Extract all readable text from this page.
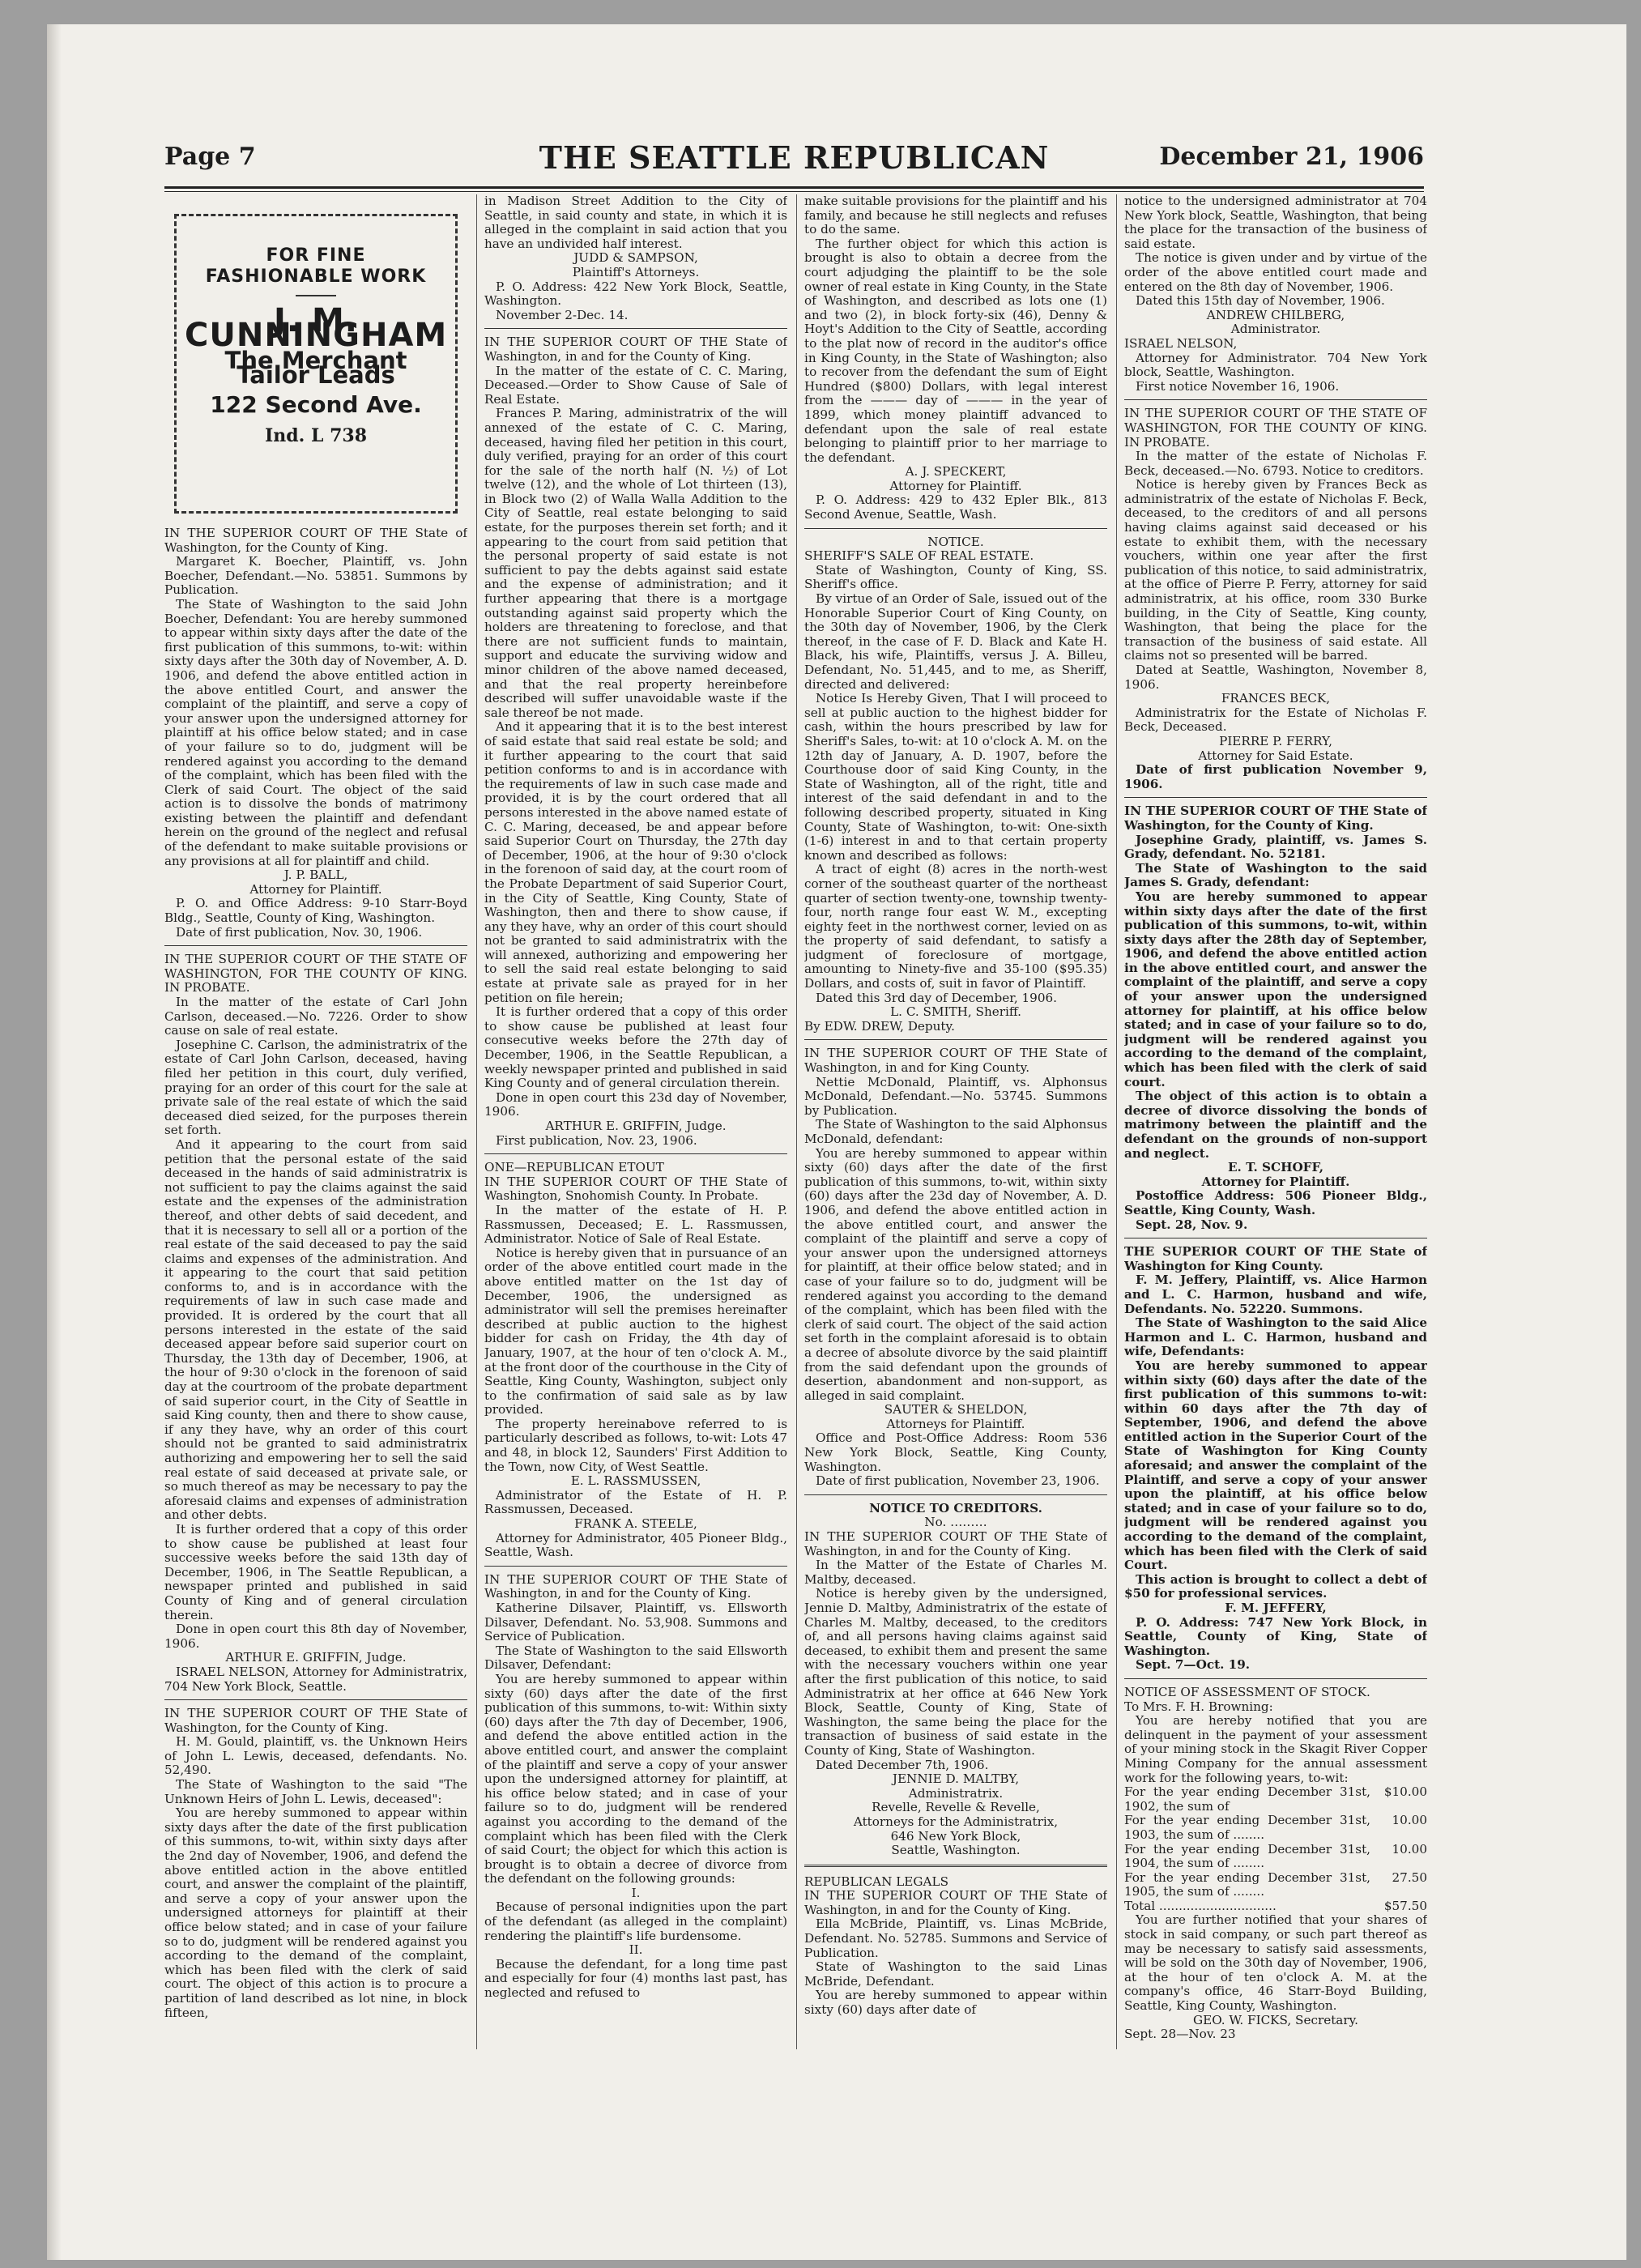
Page 7	THE SEATTLE REPUBLICAN	December 21, 1906
FOR FINE
FASHIONABLE WORK
J. M. CUNNINGHAM
The Merchant Tailor Leads
122 Second Ave.
Ind. L 738

IN THE SUPERIOR COURT OF THE State of Washington, for the County of King.

Margaret K. Boecher, Plaintiff, vs. John Boecher, Defendant.—No. 53851. Summons by Publication.

The State of Washington to the said John Boecher, Defendant: You are hereby summoned to appear within sixty days after the date of the first publication of this summons, to-wit: within sixty days after the 30th day of November, A. D. 1906, and defend the above entitled action in the above entitled Court, and answer the complaint of the plaintiff, and serve a copy of your answer upon the undersigned attorney for plaintiff at his office below stated; and in case of your failure so to do, judgment will be rendered against you according to the demand of the complaint, which has been filed with the Clerk of said Court. The object of the said action is to dissolve the bonds of matrimony existing between the plaintiff and defendant herein on the ground of the neglect and refusal of the defendant to make suitable provisions or any provisions at all for plaintiff and child.

J. P. BALL,

Attorney for Plaintiff.

P. O. and Office Address: 9-10 Starr-Boyd Bldg., Seattle, County of King, Washington.

Date of first publication, Nov. 30, 1906.

IN THE SUPERIOR COURT OF THE STATE OF WASHINGTON, FOR THE COUNTY OF KING. IN PROBATE.

In the matter of the estate of Carl John Carlson, deceased.—No. 7226. Order to show cause on sale of real estate.

Josephine C. Carlson, the administratrix of the estate of Carl John Carlson, deceased, having filed her petition in this court, duly verified, praying for an order of this court for the sale at private sale of the real estate of which the said deceased died seized, for the purposes therein set forth.

And it appearing to the court from said petition that the personal estate of the said deceased in the hands of said administratrix is not sufficient to pay the claims against the said estate and the expenses of the administration thereof, and other debts of said decedent, and that it is necessary to sell all or a portion of the real estate of the said deceased to pay the said claims and expenses of the administration. And it appearing to the court that said petition conforms to, and is in accordance with the requirements of law in such case made and provided. It is ordered by the court that all persons interested in the estate of the said deceased appear before said superior court on Thursday, the 13th day of December, 1906, at the hour of 9:30 o'clock in the forenoon of said day at the courtroom of the probate department of said superior court, in the City of Seattle in said King county, then and there to show cause, if any they have, why an order of this court should not be granted to said administratrix authorizing and empowering her to sell the said real estate of said deceased at private sale, or so much thereof as may be necessary to pay the aforesaid claims and expenses of administration and other debts.

It is further ordered that a copy of this order to show cause be published at least four successive weeks before the said 13th day of December, 1906, in The Seattle Republican, a newspaper printed and published in said County of King and of general circulation therein.

Done in open court this 8th day of November, 1906.

ARTHUR E. GRIFFIN, Judge.

ISRAEL NELSON, Attorney for Administratrix, 704 New York Block, Seattle.

IN THE SUPERIOR COURT OF THE State of Washington, for the County of King.

H. M. Gould, plaintiff, vs. the Unknown Heirs of John L. Lewis, deceased, defendants. No. 52,490.

The State of Washington to the said "The Unknown Heirs of John L. Lewis, deceased":

You are hereby summoned to appear within sixty days after the date of the first publication of this summons, to-wit, within sixty days after the 2nd day of November, 1906, and defend the above entitled action in the above entitled court, and answer the complaint of the plaintiff, and serve a copy of your answer upon the undersigned attorneys for plaintiff at their office below stated; and in case of your failure so to do, judgment will be rendered against you according to the demand of the complaint, which has been filed with the clerk of said court. The object of this action is to procure a partition of land described as lot nine, in block fifteen,

in Madison Street Addition to the City of Seattle, in said county and state, in which it is alleged in the complaint in said action that you have an undivided half interest.

JUDD & SAMPSON,

Plaintiff's Attorneys.

P. O. Address: 422 New York Block, Seattle, Washington.

November 2-Dec. 14.

IN THE SUPERIOR COURT OF THE State of Washington, in and for the County of King.

In the matter of the estate of C. C. Maring, Deceased.—Order to Show Cause of Sale of Real Estate.

Frances P. Maring, administratrix of the will annexed of the estate of C. C. Maring, deceased, having filed her petition in this court, duly verified, praying for an order of this court for the sale of the north half (N. ½) of Lot twelve (12), and the whole of Lot thirteen (13), in Block two (2) of Walla Walla Addition to the City of Seattle, real estate belonging to said estate, for the purposes therein set forth; and it appearing to the court from said petition that the personal property of said estate is not sufficient to pay the debts against said estate and the expense of administration; and it further appearing that there is a mortgage outstanding against said property which the holders are threatening to foreclose, and that there are not sufficient funds to maintain, support and educate the surviving widow and minor children of the above named deceased, and that the real property hereinbefore described will suffer unavoidable waste if the sale thereof be not made.

And it appearing that it is to the best interest of said estate that said real estate be sold; and it further appearing to the court that said petition conforms to and is in accordance with the requirements of law in such case made and provided, it is by the court ordered that all persons interested in the above named estate of C. C. Maring, deceased, be and appear before said Superior Court on Thursday, the 27th day of December, 1906, at the hour of 9:30 o'clock in the forenoon of said day, at the court room of the Probate Department of said Superior Court, in the City of Seattle, King County, State of Washington, then and there to show cause, if any they have, why an order of this court should not be granted to said administratrix with the will annexed, authorizing and empowering her to sell the said real estate belonging to said estate at private sale as prayed for in her petition on file herein;

It is further ordered that a copy of this order to show cause be published at least four consecutive weeks before the 27th day of December, 1906, in the Seattle Republican, a weekly newspaper printed and published in said King County and of general circulation therein.

Done in open court this 23d day of November, 1906.

ARTHUR E. GRIFFIN, Judge.

First publication, Nov. 23, 1906.

ONE—REPUBLICAN ETOUT

IN THE SUPERIOR COURT OF THE State of Washington, Snohomish County. In Probate.

In the matter of the estate of H. P. Rassmussen, Deceased; E. L. Rassmussen, Administrator. Notice of Sale of Real Estate.

Notice is hereby given that in pursuance of an order of the above entitled court made in the above entitled matter on the 1st day of December, 1906, the undersigned as administrator will sell the premises hereinafter described at public auction to the highest bidder for cash on Friday, the 4th day of January, 1907, at the hour of ten o'clock A. M., at the front door of the courthouse in the City of Seattle, King County, Washington, subject only to the confirmation of said sale as by law provided.

The property hereinabove referred to is particularly described as follows, to-wit: Lots 47 and 48, in block 12, Saunders' First Addition to the Town, now City, of West Seattle.

E. L. RASSMUSSEN,

Administrator of the Estate of H. P. Rassmussen, Deceased.

FRANK A. STEELE,

Attorney for Administrator, 405 Pioneer Bldg., Seattle, Wash.

IN THE SUPERIOR COURT OF THE State of Washington, in and for the County of King.

Katherine Dilsaver, Plaintiff, vs. Ellsworth Dilsaver, Defendant. No. 53,908. Summons and Service of Publication.

The State of Washington to the said Ellsworth Dilsaver, Defendant:

You are hereby summoned to appear within sixty (60) days after the date of the first publication of this summons, to-wit: Within sixty (60) days after the 7th day of December, 1906, and defend the above entitled action in the above entitled court, and answer the complaint of the plaintiff and serve a copy of your answer upon the undersigned attorney for plaintiff, at his office below stated; and in case of your failure so to do, judgment will be rendered against you according to the demand of the complaint which has been filed with the Clerk of said Court; the object for which this action is brought is to obtain a decree of divorce from the defendant on the following grounds:

I.

Because of personal indignities upon the part of the defendant (as alleged in the complaint) rendering the plaintiff's life burdensome.

II.

Because the defendant, for a long time past and especially for four (4) months last past, has neglected and refused to

make suitable provisions for the plaintiff and his family, and because he still neglects and refuses to do the same.

The further object for which this action is brought is also to obtain a decree from the court adjudging the plaintiff to be the sole owner of real estate in King County, in the State of Washington, and described as lots one (1) and two (2), in block forty-six (46), Denny & Hoyt's Addition to the City of Seattle, according to the plat now of record in the auditor's office in King County, in the State of Washington; also to recover from the defendant the sum of Eight Hundred ($800) Dollars, with legal interest from the ——— day of ——— in the year of 1899, which money plaintiff advanced to defendant upon the sale of real estate belonging to plaintiff prior to her marriage to the defendant.

A. J. SPECKERT,

Attorney for Plaintiff.

P. O. Address: 429 to 432 Epler Blk., 813 Second Avenue, Seattle, Wash.

NOTICE.

SHERIFF'S SALE OF REAL ESTATE.

State of Washington, County of King, SS. Sheriff's office.

By virtue of an Order of Sale, issued out of the Honorable Superior Court of King County, on the 30th day of November, 1906, by the Clerk thereof, in the case of F. D. Black and Kate H. Black, his wife, Plaintiffs, versus J. A. Billeu, Defendant, No. 51,445, and to me, as Sheriff, directed and delivered:

Notice Is Hereby Given, That I will proceed to sell at public auction to the highest bidder for cash, within the hours prescribed by law for Sheriff's Sales, to-wit: at 10 o'clock A. M. on the 12th day of January, A. D. 1907, before the Courthouse door of said King County, in the State of Washington, all of the right, title and interest of the said defendant in and to the following described property, situated in King County, State of Washington, to-wit: One-sixth (1-6) interest in and to that certain property known and described as follows:

A tract of eight (8) acres in the north-west corner of the southeast quarter of the northeast quarter of section twenty-one, township twenty-four, north range four east W. M., excepting eighty feet in the northwest corner, levied on as the property of said defendant, to satisfy a judgment of foreclosure of mortgage, amounting to Ninety-five and 35-100 ($95.35) Dollars, and costs of, suit in favor of Plaintiff.

Dated this 3rd day of December, 1906.

L. C. SMITH, Sheriff.

By EDW. DREW, Deputy.

IN THE SUPERIOR COURT OF THE State of Washington, in and for King County.

Nettie McDonald, Plaintiff, vs. Alphonsus McDonald, Defendant.—No. 53745. Summons by Publication.

The State of Washington to the said Alphonsus McDonald, defendant:

You are hereby summoned to appear within sixty (60) days after the date of the first publication of this summons, to-wit, within sixty (60) days after the 23d day of November, A. D. 1906, and defend the above entitled action in the above entitled court, and answer the complaint of the plaintiff and serve a copy of your answer upon the undersigned attorneys for plaintiff, at their office below stated; and in case of your failure so to do, judgment will be rendered against you according to the demand of the complaint, which has been filed with the clerk of said court. The object of the said action set forth in the complaint aforesaid is to obtain a decree of absolute divorce by the said plaintiff from the said defendant upon the grounds of desertion, abandonment and non-support, as alleged in said complaint.

SAUTER & SHELDON,

Attorneys for Plaintiff.

Office and Post-Office Address: Room 536 New York Block, Seattle, King County, Washington.

Date of first publication, November 23, 1906.

NOTICE TO CREDITORS.

No. ………

IN THE SUPERIOR COURT OF THE State of Washington, in and for the County of King.

In the Matter of the Estate of Charles M. Maltby, deceased.

Notice is hereby given by the undersigned, Jennie D. Maltby, Administratrix of the estate of Charles M. Maltby, deceased, to the creditors of, and all persons having claims against said deceased, to exhibit them and present the same with the necessary vouchers within one year after the first publication of this notice, to said Administratrix at her office at 646 New York Block, Seattle, County of King, State of Washington, the same being the place for the transaction of business of said estate in the County of King, State of Washington.

Dated December 7th, 1906.

JENNIE D. MALTBY,

Administratrix.

Revelle, Revelle & Revelle,

Attorneys for the Administratrix,

646 New York Block,

Seattle, Washington.

REPUBLICAN LEGALS

IN THE SUPERIOR COURT OF THE State of Washington, in and for the County of King.

Ella McBride, Plaintiff, vs. Linas McBride, Defendant. No. 52785. Summons and Service of Publication.

State of Washington to the said Linas McBride, Defendant.

You are hereby summoned to appear within sixty (60) days after date of

notice to the undersigned administrator at 704 New York block, Seattle, Washington, that being the place for the transaction of the business of said estate.

The notice is given under and by virtue of the order of the above entitled court made and entered on the 8th day of November, 1906.

Dated this 15th day of November, 1906.

ANDREW CHILBERG,

Administrator.

ISRAEL NELSON,

Attorney for Administrator. 704 New York block, Seattle, Washington.

First notice November 16, 1906.

IN THE SUPERIOR COURT OF THE STATE OF WASHINGTON, FOR THE COUNTY OF KING. IN PROBATE.

In the matter of the estate of Nicholas F. Beck, deceased.—No. 6793. Notice to creditors.

Notice is hereby given by Frances Beck as administratrix of the estate of Nicholas F. Beck, deceased, to the creditors of and all persons having claims against said deceased or his estate to exhibit them, with the necessary vouchers, within one year after the first publication of this notice, to said administratrix, at the office of Pierre P. Ferry, attorney for said administratrix, at his office, room 330 Burke building, in the City of Seattle, King county, Washington, that being the place for the transaction of the business of said estate. All claims not so presented will be barred.

Dated at Seattle, Washington, November 8, 1906.

FRANCES BECK,

Administratrix for the Estate of Nicholas F. Beck, Deceased.

PIERRE P. FERRY,

Attorney for Said Estate.

Date of first publication November 9, 1906.

IN THE SUPERIOR COURT OF THE State of Washington, for the County of King.

Josephine Grady, plaintiff, vs. James S. Grady, defendant. No. 52181.

The State of Washington to the said James S. Grady, defendant:

You are hereby summoned to appear within sixty days after the date of the first publication of this summons, to-wit, within sixty days after the 28th day of September, 1906, and defend the above entitled action in the above entitled court, and answer the complaint of the plaintiff, and serve a copy of your answer upon the undersigned attorney for plaintiff, at his office below stated; and in case of your failure so to do, judgment will be rendered against you according to the demand of the complaint, which has been filed with the clerk of said court.

The object of this action is to obtain a decree of divorce dissolving the bonds of matrimony between the plaintiff and the defendant on the grounds of non-support and neglect.

E. T. SCHOFF,

Attorney for Plaintiff.

Postoffice Address: 506 Pioneer Bldg., Seattle, King County, Wash.

Sept. 28, Nov. 9.

THE SUPERIOR COURT OF THE State of Washington for King County.

F. M. Jeffery, Plaintiff, vs. Alice Harmon and L. C. Harmon, husband and wife, Defendants. No. 52220. Summons.

The State of Washington to the said Alice Harmon and L. C. Harmon, husband and wife, Defendants:

You are hereby summoned to appear within sixty (60) days after the date of the first publication of this summons to-wit: within 60 days after the 7th day of September, 1906, and defend the above entitled action in the Superior Court of the State of Washington for King County aforesaid; and answer the complaint of the Plaintiff, and serve a copy of your answer upon the plaintiff, at his office below stated; and in case of your failure so to do, judgment will be rendered against you according to the demand of the complaint, which has been filed with the Clerk of said Court.

This action is brought to collect a debt of $50 for professional services.

F. M. JEFFERY,

P. O. Address: 747 New York Block, in Seattle, County of King, State of Washington.

Sept. 7—Oct. 19.

NOTICE OF ASSESSMENT OF STOCK.

To Mrs. F. H. Browning:

You are hereby notified that you are delinquent in the payment of your assessment of your mining stock in the Skagit River Copper Mining Company for the annual assessment work for the following years, to-wit:

For the year ending December 31st, 1902, the sum of	$10.00
For the year ending December 31st, 1903, the sum of ........	10.00
For the year ending December 31st, 1904, the sum of ........	10.00
For the year ending December 31st, 1905, the sum of ........	27.50
Total ..............................	$57.50

You are further notified that your shares of stock in said company, or such part thereof as may be necessary to satisfy said assessments, will be sold on the 30th day of November, 1906, at the hour of ten o'clock A. M. at the company's office, 46 Starr-Boyd Building, Seattle, King County, Washington.

GEO. W. FICKS, Secretary.

Sept. 28—Nov. 23
